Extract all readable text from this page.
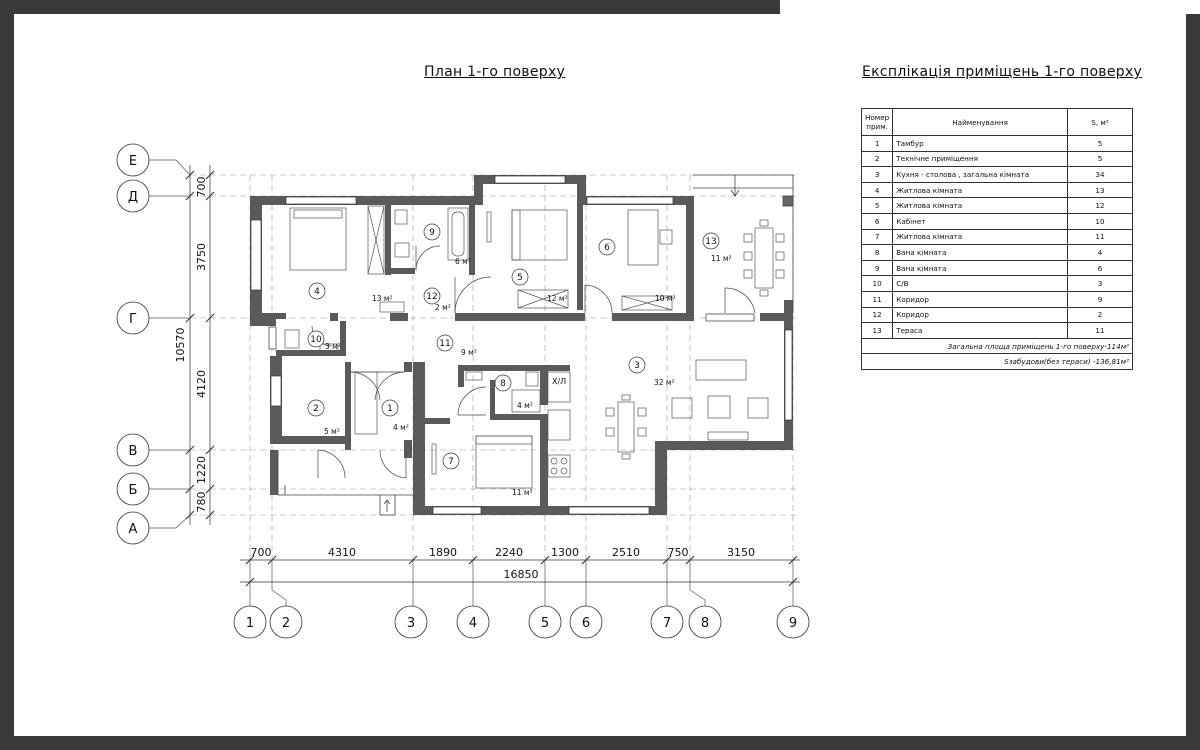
План 1-го поверху	Експлікація приміщень 1-го поверху
Номер прим.	Найменування	S, м²
1	Тамбур	5
2	Технічне приміщення	5
3	Кухня - столова , загальна кімната	34
4	Житлова кімната	13
5	Житлова кімната	12
6	Кабінет	10
7	Житлова кімната	11
8	Вана кімната	4
9	Вана кімната	6
10	С/В	3
11	Коридор	9
12	Коридор	2
13	Тераса	11
Загальна площа приміщень 1-го поверху-114м²		
Sзабудови(без тераси) -136,81м²		
700
3750
4120
1220
780
10570
700	4310	1890	2240	1300	2510	750	3150
16850
Е
Д
Г
В
Б
А
1 2	3	4	5	6	7 8	9
4
13 м²
9
6 м²
12
2 м²
5
12 м²
6
10 м²
13
11 м²
10
3 м²	11
9 м²
8
4 м²
3
32 м²
2
5 м²
1
4 м²
7
11 м²
Х/Л
